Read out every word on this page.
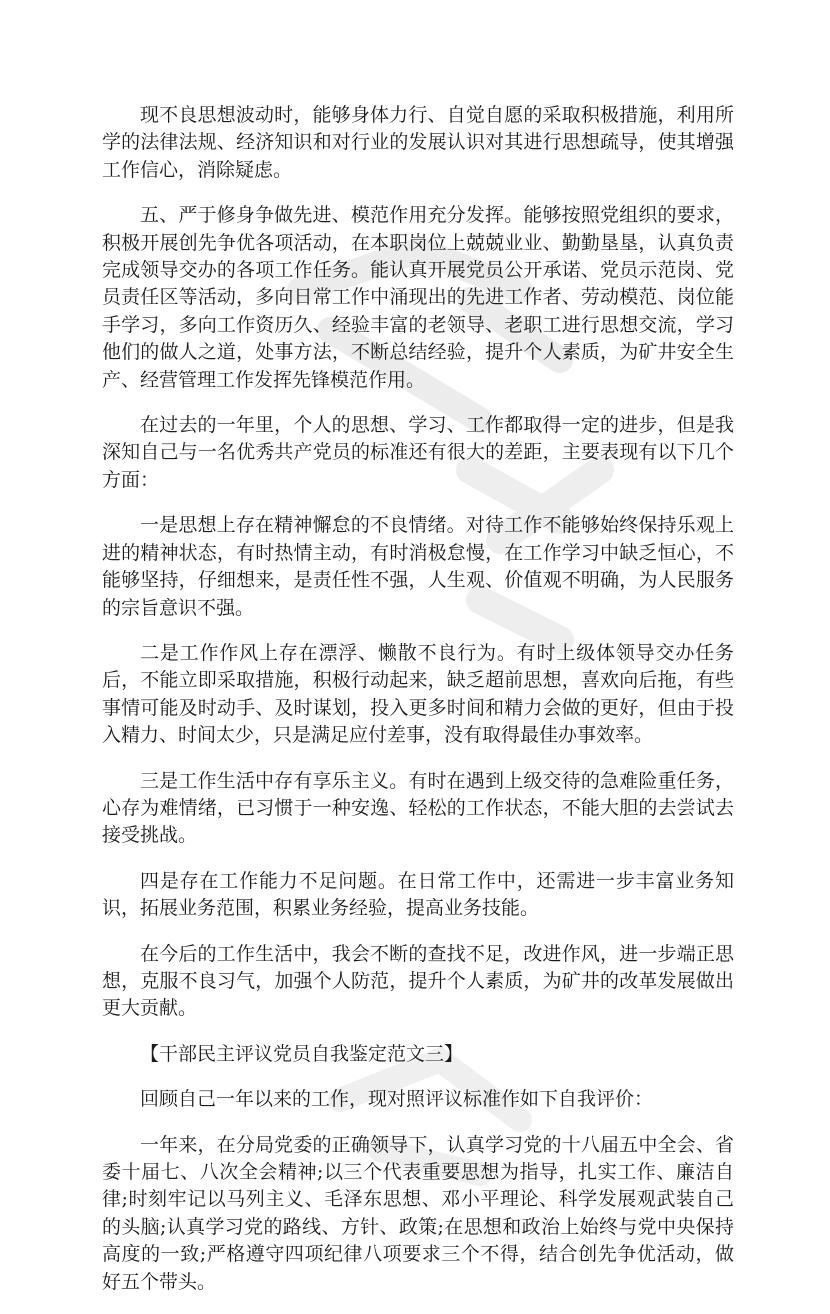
现不良思想波动时，能够身体力行、自觉自愿的采取积极措施，利用所学的法律法规、经济知识和对行业的发展认识对其进行思想疏导，使其增强工作信心，消除疑虑。

五、严于修身争做先进、模范作用充分发挥。能够按照党组织的要求，积极开展创先争优各项活动，在本职岗位上兢兢业业、勤勤垦垦，认真负责完成领导交办的各项工作任务。能认真开展党员公开承诺、党员示范岗、党员责任区等活动，多向日常工作中涌现出的先进工作者、劳动模范、岗位能手学习，多向工作资历久、经验丰富的老领导、老职工进行思想交流，学习他们的做人之道，处事方法，不断总结经验，提升个人素质，为矿井安全生产、经营管理工作发挥先锋模范作用。

在过去的一年里，个人的思想、学习、工作都取得一定的进步，但是我深知自己与一名优秀共产党员的标准还有很大的差距，主要表现有以下几个方面：

一是思想上存在精神懈怠的不良情绪。对待工作不能够始终保持乐观上进的精神状态，有时热情主动，有时消极怠慢，在工作学习中缺乏恒心，不能够坚持，仔细想来，是责任性不强，人生观、价值观不明确，为人民服务的宗旨意识不强。

二是工作作风上存在漂浮、懒散不良行为。有时上级体领导交办任务后，不能立即采取措施，积极行动起来，缺乏超前思想，喜欢向后拖，有些事情可能及时动手、及时谋划，投入更多时间和精力会做的更好，但由于投入精力、时间太少，只是满足应付差事，没有取得最佳办事效率。

三是工作生活中存有享乐主义。有时在遇到上级交待的急难险重任务，心存为难情绪，已习惯于一种安逸、轻松的工作状态，不能大胆的去尝试去接受挑战。

四是存在工作能力不足问题。在日常工作中，还需进一步丰富业务知识，拓展业务范围，积累业务经验，提高业务技能。

在今后的工作生活中，我会不断的查找不足，改进作风，进一步端正思想，克服不良习气，加强个人防范，提升个人素质，为矿井的改革发展做出更大贡献。

【干部民主评议党员自我鉴定范文三】

回顾自己一年以来的工作，现对照评议标准作如下自我评价：

一年来，在分局党委的正确领导下，认真学习党的十八届五中全会、省委十届七、八次全会精神;以三个代表重要思想为指导，扎实工作、廉洁自律;时刻牢记以马列主义、毛泽东思想、邓小平理论、科学发展观武装自己的头脑;认真学习党的路线、方针、政策;在思想和政治上始终与党中央保持高度的一致;严格遵守四项纪律八项要求三个不得，结合创先争优活动，做好五个带头。
